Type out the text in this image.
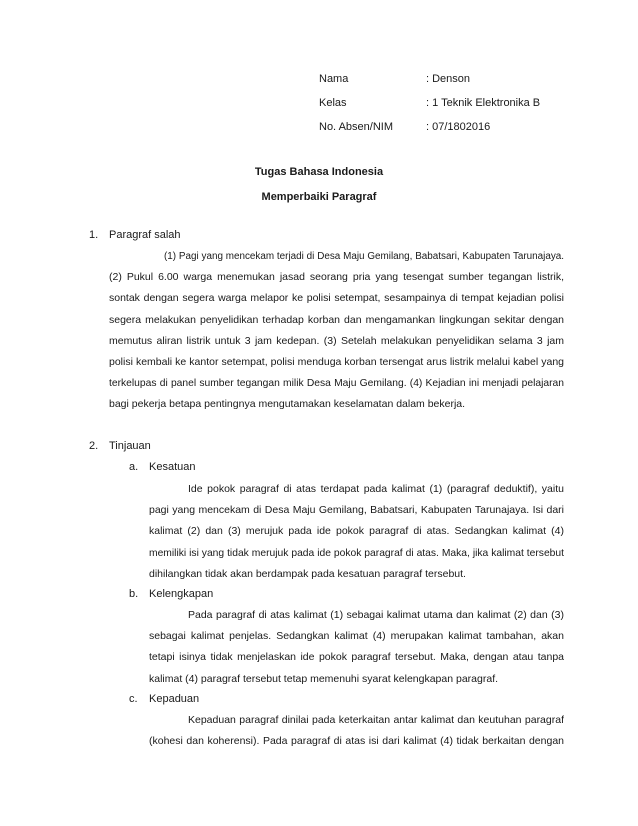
Nama	: Denson
Kelas	: 1 Teknik Elektronika B
No. Absen/NIM	: 07/1802016
Tugas Bahasa Indonesia
Memperbaiki Paragraf
1. Paragraf salah
(1) Pagi yang mencekam terjadi di Desa Maju Gemilang, Babatsari, Kabupaten Tarunajaya.
(2) Pukul 6.00 warga menemukan jasad seorang pria yang tesengat sumber tegangan listrik,
sontak dengan segera warga melapor ke polisi setempat, sesampainya di tempat kejadian polisi
segera melakukan penyelidikan terhadap korban dan mengamankan lingkungan sekitar dengan
memutus aliran listrik untuk 3 jam kedepan. (3) Setelah melakukan penyelidikan selama 3 jam
polisi kembali ke kantor setempat, polisi menduga korban tersengat arus listrik melalui kabel yang
terkelupas di panel sumber tegangan milik Desa Maju Gemilang. (4) Kejadian ini menjadi pelajaran
bagi pekerja betapa pentingnya mengutamakan keselamatan dalam bekerja.
2. Tinjauan
a. Kesatuan
Ide pokok paragraf di atas terdapat pada kalimat (1) (paragraf deduktif), yaitu
pagi yang mencekam di Desa Maju Gemilang, Babatsari, Kabupaten Tarunajaya. Isi dari
kalimat (2) dan (3) merujuk pada ide pokok paragraf di atas. Sedangkan kalimat (4)
memiliki isi yang tidak merujuk pada ide pokok paragraf di atas. Maka, jika kalimat tersebut
dihilangkan tidak akan berdampak pada kesatuan paragraf tersebut.
b. Kelengkapan
Pada paragraf di atas kalimat (1) sebagai kalimat utama dan kalimat (2) dan (3)
sebagai kalimat penjelas. Sedangkan kalimat (4) merupakan kalimat tambahan, akan
tetapi isinya tidak menjelaskan ide pokok paragraf tersebut. Maka, dengan atau tanpa
kalimat (4) paragraf tersebut tetap memenuhi syarat kelengkapan paragraf.
c. Kepaduan
Kepaduan paragraf dinilai pada keterkaitan antar kalimat dan keutuhan paragraf
(kohesi dan koherensi). Pada paragraf di atas isi dari kalimat (4) tidak berkaitan dengan
